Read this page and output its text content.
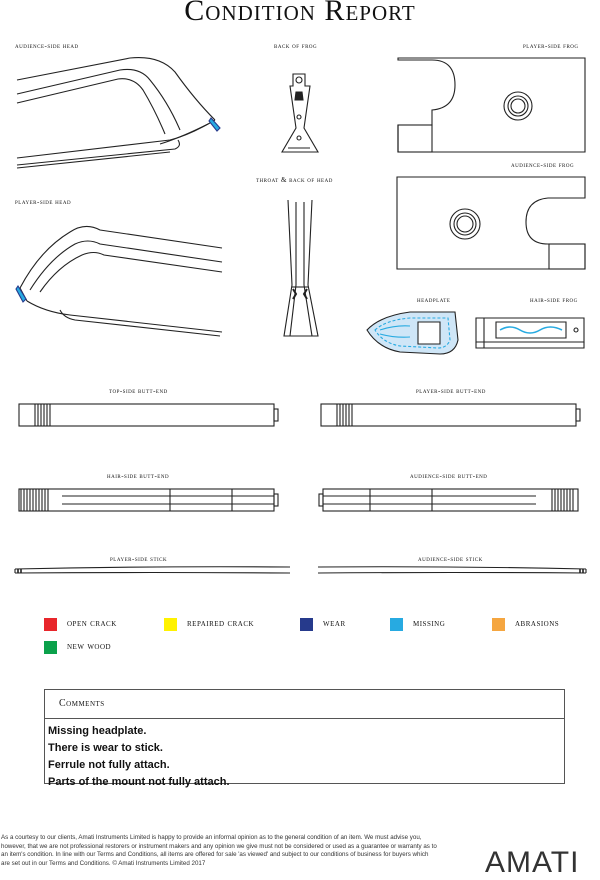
Condition Report
audience-side head	back of frog	player-side frog
audience-side frog
throat & back of head
player-side head
headplate	hair-side frog
top-side butt-end	player-side butt-end
hair-side butt-end	audience-side butt-end
player-side stick	audience-side stick
open crack	repaired crack	wear	missing	abrasions
new wood
Comments
Missing headplate.
There is wear to stick.
Ferrule not fully attach.
Parts of the mount not fully attach.
As a courtesy to our clients, Amati Instruments Limited is happy to provide an informal opinion as to the general condition of an item. We must advise you, however, that we are not professional restorers or instrument makers and any opinion we give must not be considered or used as a guarantee or warranty as to an item's condition. In line with our Terms and Conditions, all items are offered for sale 'as viewed' and subject to our conditions of business for buyers which are set out in our Terms and Conditions. © Amati Instruments Limited 2017	AMATI
